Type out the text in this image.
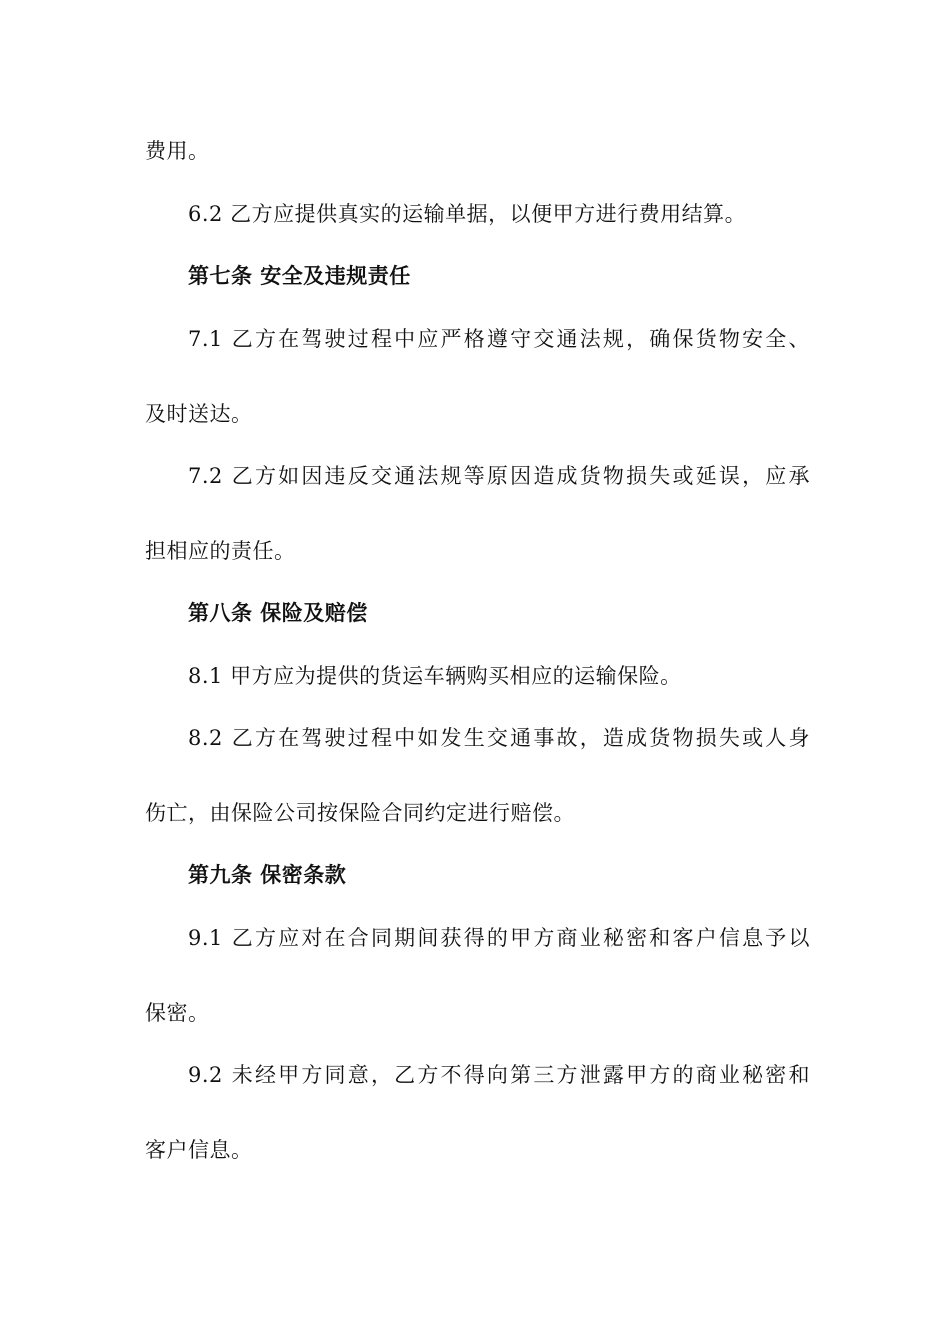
费用。
6.2 乙方应提供真实的运输单据，以便甲方进行费用结算。
第七条 安全及违规责任
7.1 乙方在驾驶过程中应严格遵守交通法规，确保货物安全、
及时送达。
7.2 乙方如因违反交通法规等原因造成货物损失或延误，应承
担相应的责任。
第八条 保险及赔偿
8.1 甲方应为提供的货运车辆购买相应的运输保险。
8.2 乙方在驾驶过程中如发生交通事故，造成货物损失或人身
伤亡，由保险公司按保险合同约定进行赔偿。
第九条 保密条款
9.1 乙方应对在合同期间获得的甲方商业秘密和客户信息予以
保密。
9.2 未经甲方同意，乙方不得向第三方泄露甲方的商业秘密和
客户信息。
